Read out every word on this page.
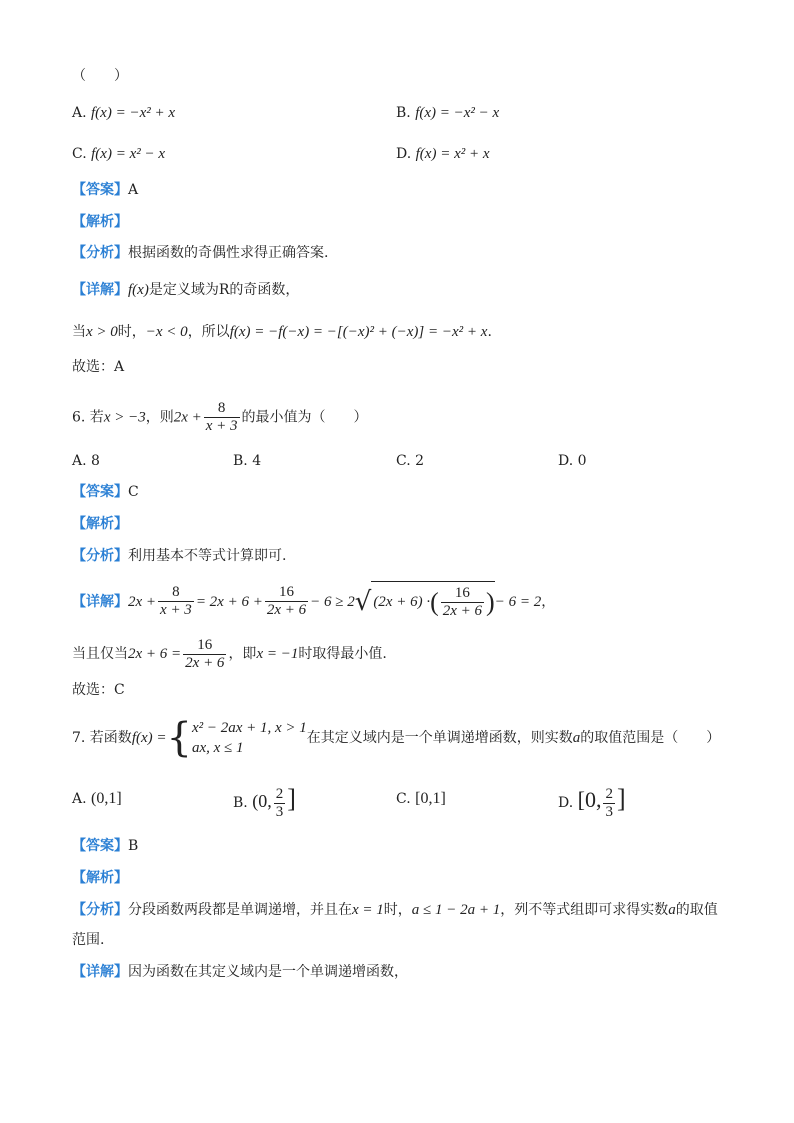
（　　）
A. f(x) = −x² + x	B. f(x) = −x² − x
C. f(x) = x² − x	D. f(x) = x² + x
【答案】A
【解析】
【分析】根据函数的奇偶性求得正确答案.
【详解】f(x)是定义域为R的奇函数，
当x > 0时，−x < 0，所以f(x) = −f(−x) = −[(−x)² + (−x)] = −x² + x.
故选：A
6. 若x > −3，则$2x + \frac{8}{x + 3}$ 的最小值为（　　）
A. 8	B. 4	C. 2	D. 0
【答案】C
【解析】
【分析】利用基本不等式计算即可.
【详解】$2x + \frac{8}{x + 3} = 2x + 6 + \frac{16}{2x + 6} - 6 \ge 2√$ (2x + 6) ·( $\frac{16}{2x + 6}$ )− 6 = 2，
当且仅当$2x + 6 = \frac{16}{2x + 6}$ ，即x = −1时取得最小值.
故选：C
7. 若函数f(x) ={ x² − 2ax + 1, x > 1
ax, x ≤ 1
在其定义域内是一个单调递增函数，则实数a的取值范围是（　　）
A. (0,1]	B. (0, $\frac{2}{3}$ ]	C. [0,1]	D. [0, $\frac{2}{3}$ ]
【答案】B
【解析】
【分析】分段函数两段都是单调递增，并且在x = 1时，a ≤ 1 − 2a + 1，列不等式组即可求得实数a的取值
范围.
【详解】因为函数在其定义域内是一个单调递增函数，
